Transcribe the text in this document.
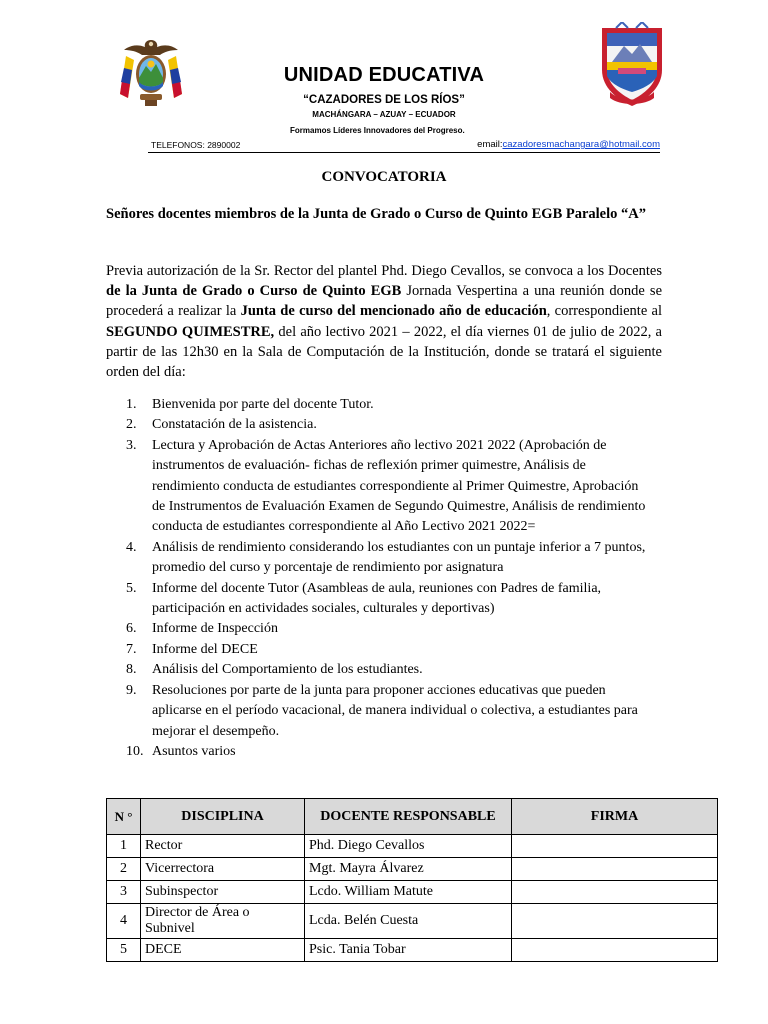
UNIDAD EDUCATIVA
“CAZADORES DE LOS RÍOS”
MACHÁNGARA – AZUAY – ECUADOR
Formamos Líderes Innovadores del Progreso.
TELEFONOS: 2890002	email:cazadoresmachangara@hotmail.com
CONVOCATORIA
Señores docentes miembros de la Junta de Grado o Curso de Quinto EGB Paralelo “A”
Previa autorización de la Sr. Rector del plantel Phd. Diego Cevallos, se convoca a los Docentes de la Junta de Grado o Curso de Quinto EGB Jornada Vespertina a una reunión donde se procederá a realizar la Junta de curso del mencionado año de educación, correspondiente al SEGUNDO QUIMESTRE, del año lectivo 2021 – 2022, el día viernes 01 de julio de 2022, a partir de las 12h30 en la Sala de Computación de la Institución, donde se tratará el siguiente orden del día:
1.	Bienvenida por parte del docente Tutor.
2.	Constatación de la asistencia.
3.	Lectura y Aprobación de Actas Anteriores año lectivo 2021 2022 (Aprobación de instrumentos de evaluación- fichas de reflexión primer quimestre, Análisis de rendimiento conducta de estudiantes correspondiente al Primer Quimestre, Aprobación de Instrumentos de Evaluación Examen de Segundo Quimestre, Análisis de rendimiento conducta de estudiantes correspondiente al Año Lectivo 2021 2022=
4.	Análisis de rendimiento considerando los estudiantes con un puntaje inferior a 7 puntos, promedio del curso y porcentaje de rendimiento por asignatura
5.	Informe del docente Tutor (Asambleas de aula, reuniones con Padres de familia, participación en actividades sociales, culturales y deportivas)
6.	Informe de Inspección
7.	Informe del DECE
8.	Análisis del Comportamiento de los estudiantes.
9.	Resoluciones por parte de la junta para proponer acciones educativas que pueden aplicarse en el período vacacional, de manera individual o colectiva, a estudiantes para mejorar el desempeño.
10. Asuntos varios
N °	DISCIPLINA	DOCENTE RESPONSABLE	FIRMA
1	Rector	Phd. Diego Cevallos	
2	Vicerrectora	Mgt. Mayra Álvarez	
3	Subinspector	Lcdo. William Matute	
4	Director de Área o Subnivel	Lcda. Belén Cuesta	
5	DECE	Psic. Tania Tobar	
